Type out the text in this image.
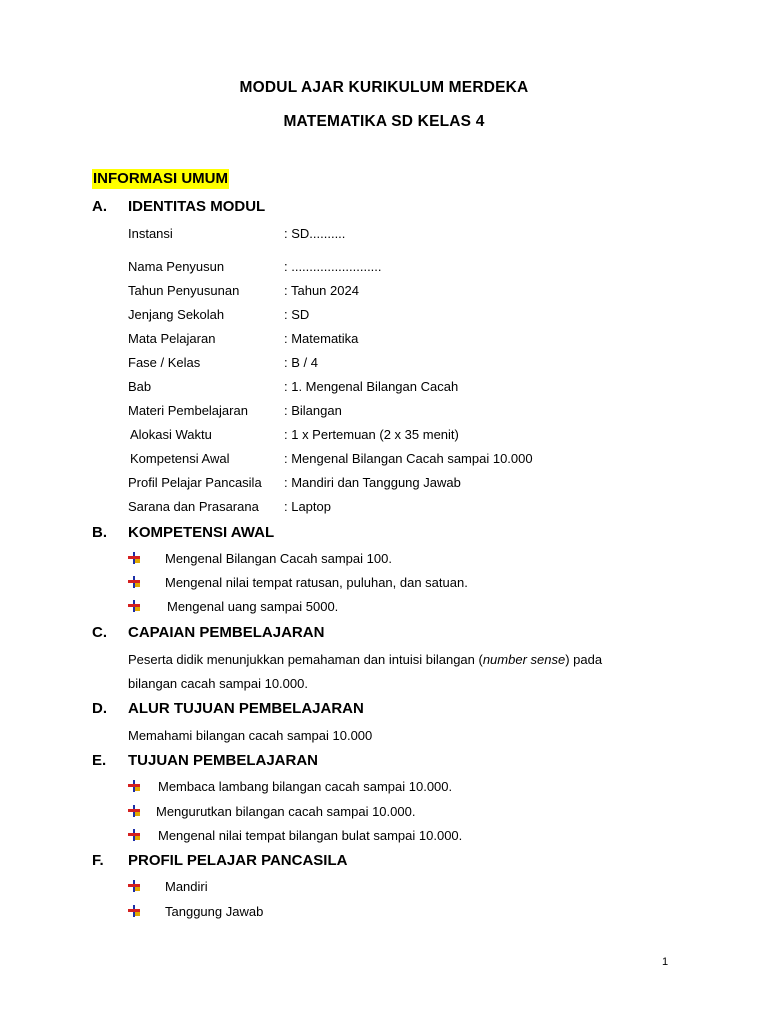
MODUL AJAR KURIKULUM MERDEKA
MATEMATIKA SD KELAS 4
INFORMASI UMUM
A. IDENTITAS MODUL
Instansi	: SD..........
Nama Penyusun	: .........................
Tahun Penyusunan	: Tahun 2024
Jenjang Sekolah	: SD
Mata Pelajaran	: Matematika
Fase / Kelas	: B / 4
Bab	: 1. Mengenal Bilangan Cacah
Materi Pembelajaran	: Bilangan
Alokasi Waktu	: 1 x Pertemuan (2 x 35 menit)
Kompetensi Awal	: Mengenal Bilangan Cacah sampai 10.000
Profil Pelajar Pancasila : Mandiri dan Tanggung Jawab
Sarana dan Prasarana : Laptop
B. KOMPETENSI AWAL
Mengenal Bilangan Cacah sampai 100.
Mengenal nilai tempat ratusan, puluhan, dan satuan.
Mengenal uang sampai 5000.
C. CAPAIAN PEMBELAJARAN
Peserta didik menunjukkan pemahaman dan intuisi bilangan (number sense) pada
bilangan cacah sampai 10.000.
D. ALUR TUJUAN PEMBELAJARAN
Memahami bilangan cacah sampai 10.000
E. TUJUAN PEMBELAJARAN
Membaca lambang bilangan cacah sampai 10.000.
Mengurutkan bilangan cacah sampai 10.000.
Mengenal nilai tempat bilangan bulat sampai 10.000.
F. PROFIL PELAJAR PANCASILA
Mandiri
Tanggung Jawab
1
